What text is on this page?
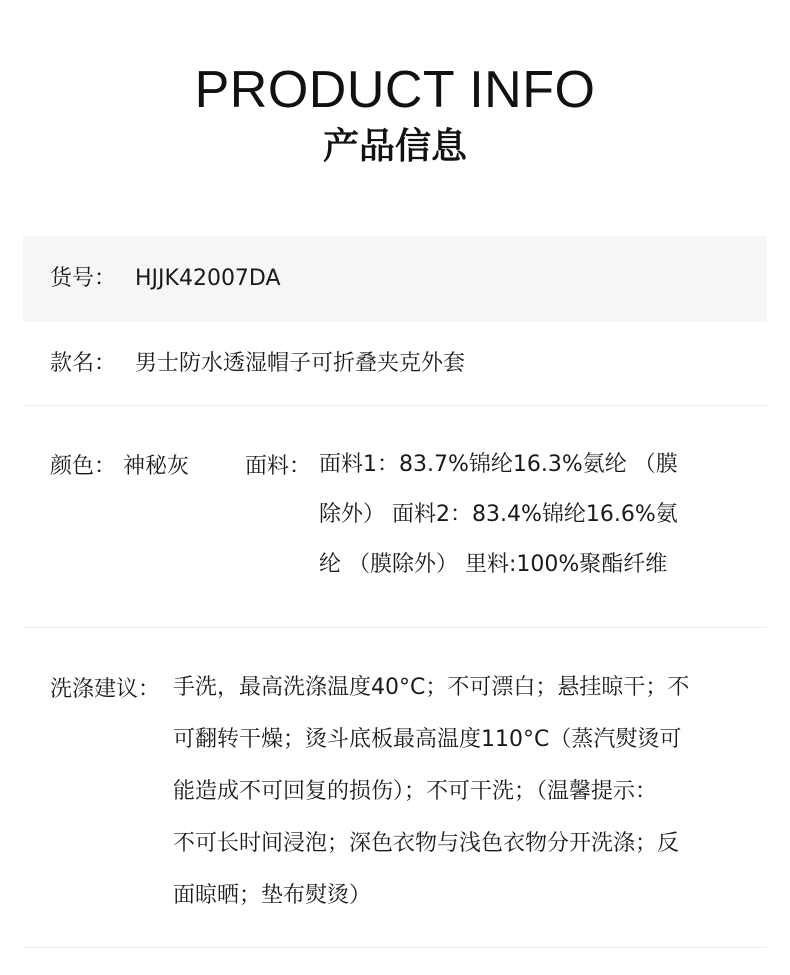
PRODUCT INFO
产品信息
货号： HJJK42007DA
款名： 男士防水透湿帽子可折叠夹克外套
颜色： 神秘灰	面料： 面料1：83.7%锦纶16.3%氨纶 （膜
除外） 面料2：83.4%锦纶16.6%氨
纶 （膜除外） 里料:100%聚酯纤维
洗涤建议： 手洗，最高洗涤温度40°C；不可漂白；悬挂晾干；不
可翻转干燥；烫斗底板最高温度110°C（蒸汽熨烫可
能造成不可回复的损伤）；不可干洗；（温馨提示：
不可长时间浸泡；深色衣物与浅色衣物分开洗涤；反
面晾晒；垫布熨烫）
